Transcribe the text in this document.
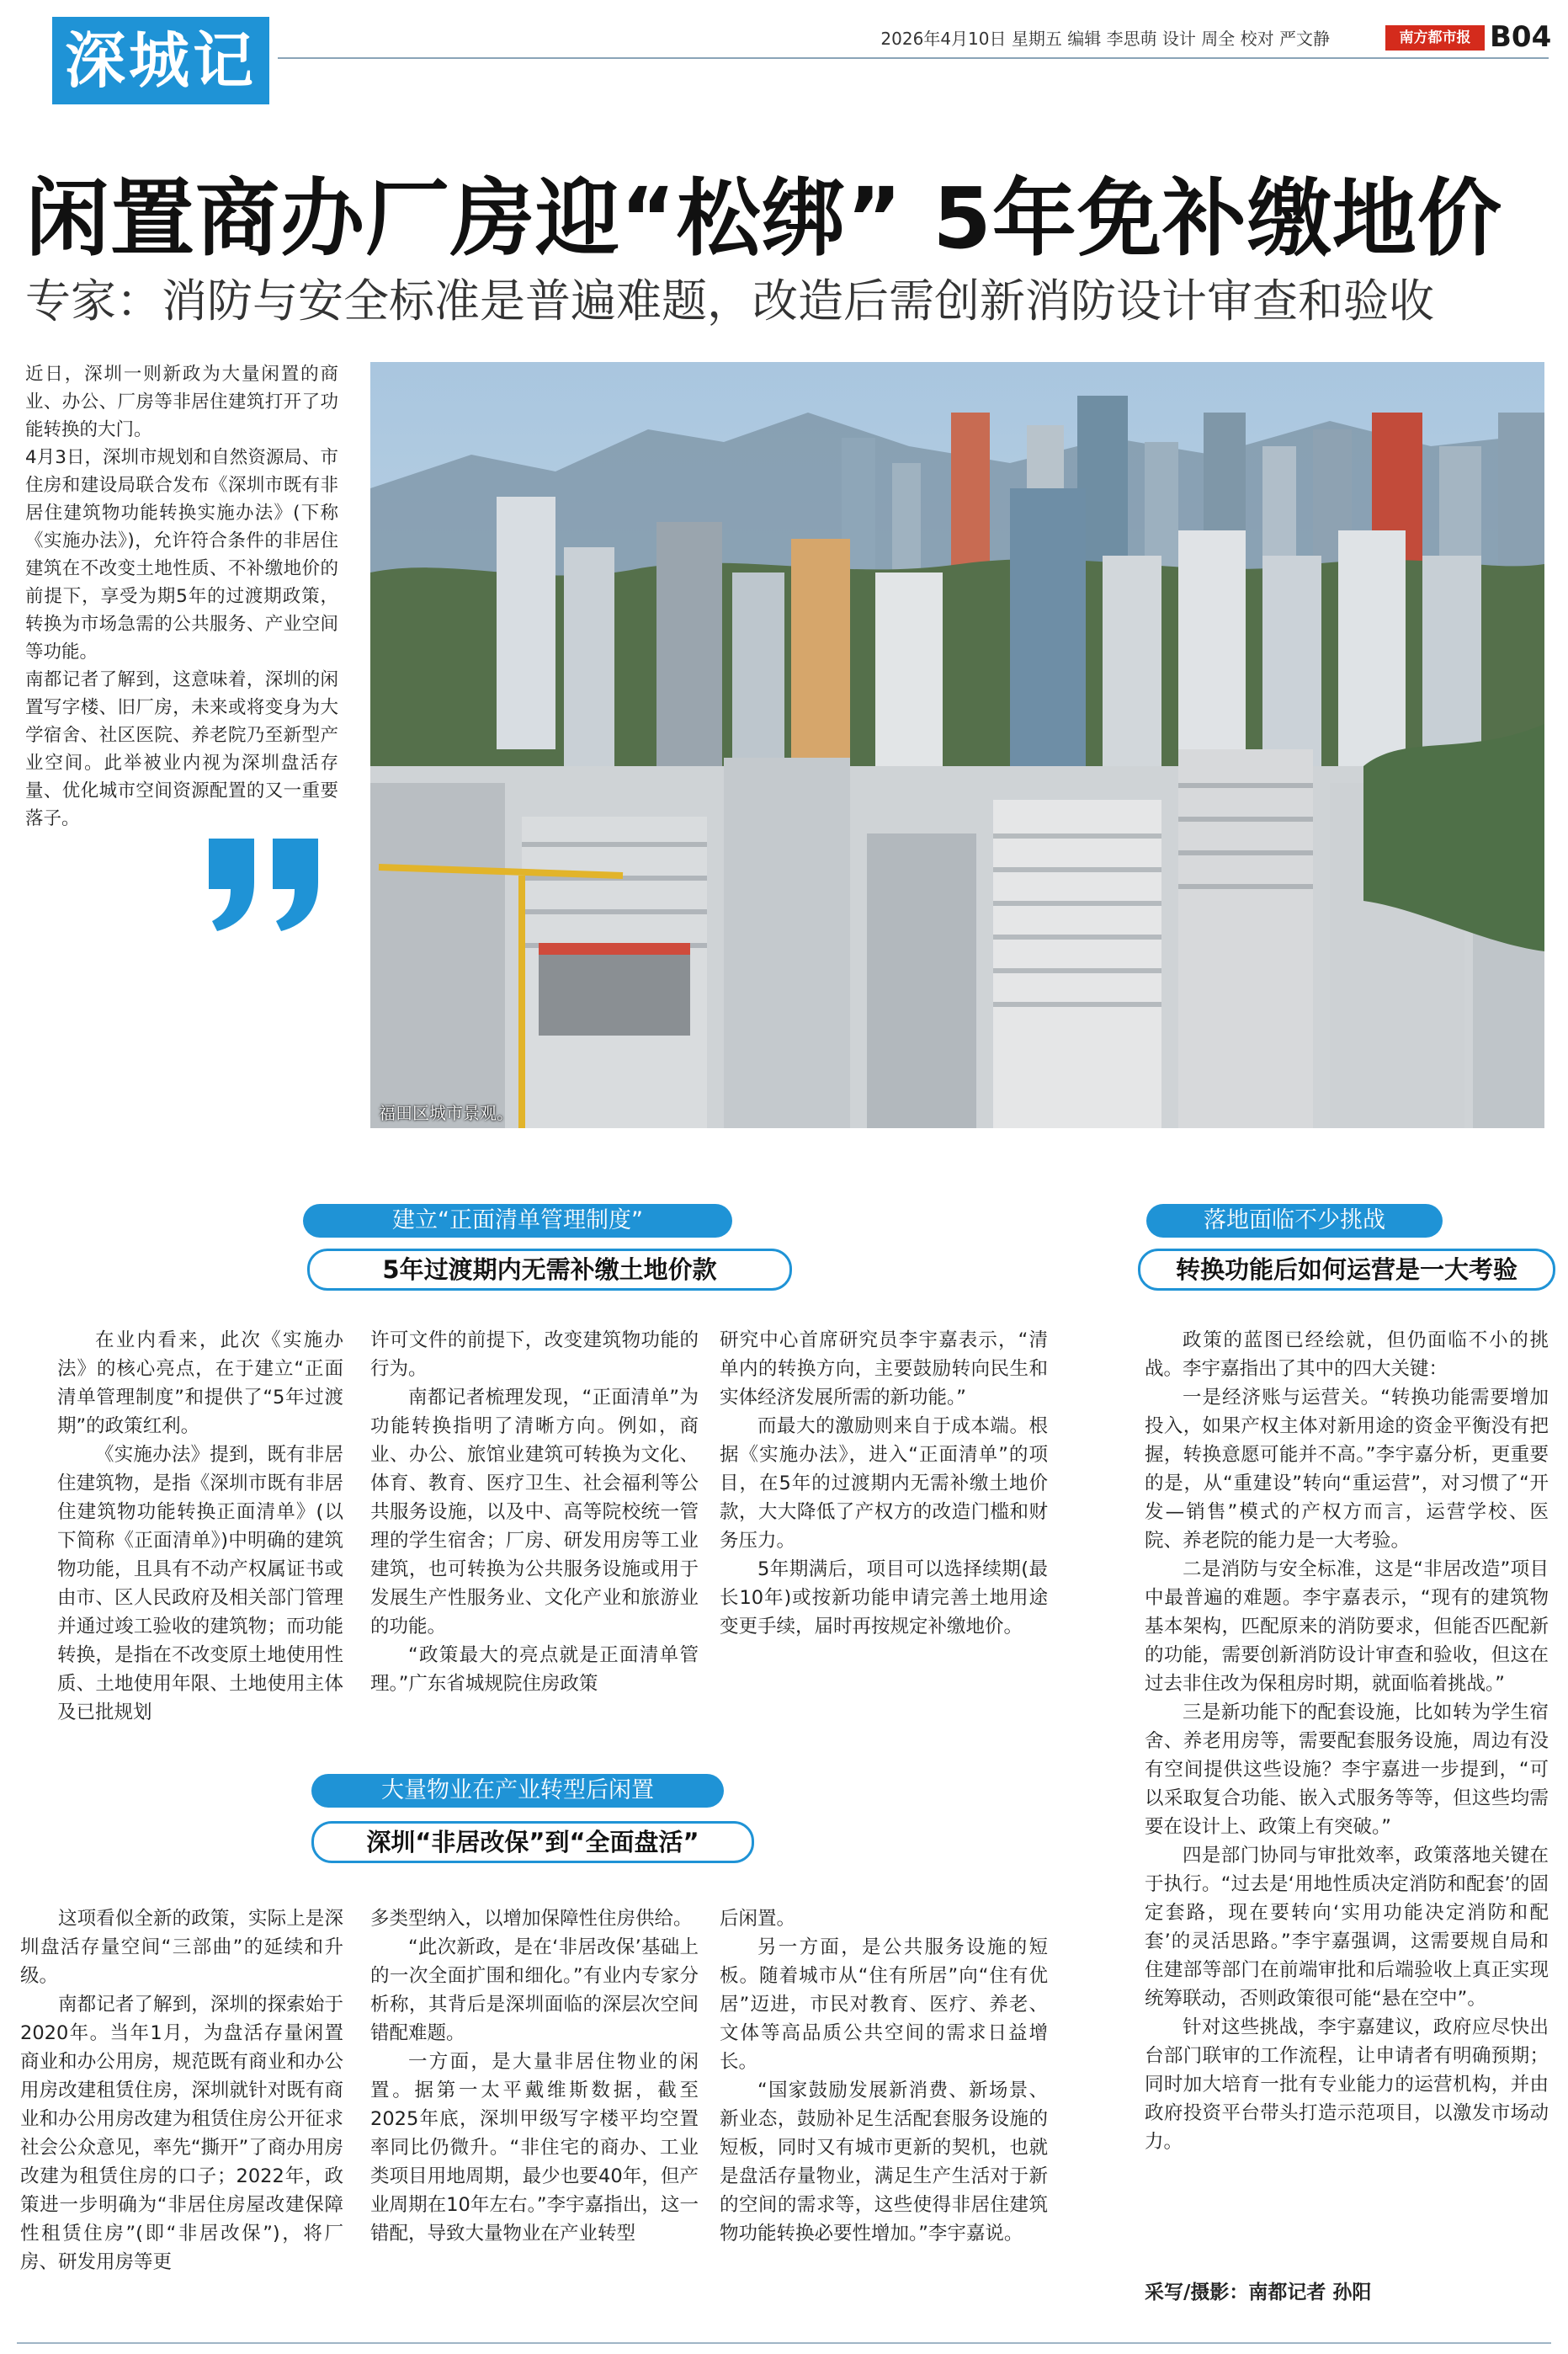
深城记	2026年4月10日 星期五 编辑 李思萌 设计 周全 校对 严文静	南方都市报 B04
闲置商办厂房迎“松绑” 5年免补缴地价
专家：消防与安全标准是普遍难题，改造后需创新消防设计审查和验收

近日，深圳一则新政为大量闲置的商业、办公、厂房等非居住建筑打开了功能转换的大门。

4月3日，深圳市规划和自然资源局、市住房和建设局联合发布《深圳市既有非居住建筑物功能转换实施办法》(下称《实施办法》)，允许符合条件的非居住建筑在不改变土地性质、不补缴地价的前提下，享受为期5年的过渡期政策，转换为市场急需的公共服务、产业空间等功能。

南都记者了解到，这意味着，深圳的闲置写字楼、旧厂房，未来或将变身为大学宿舍、社区医院、养老院乃至新型产业空间。此举被业内视为深圳盘活存量、优化城市空间资源配置的又一重要落子。

福田区城市景观。
建立“正面清单管理制度”
5年过渡期内无需补缴土地价款

在业内看来，此次《实施办法》的核心亮点，在于建立“正面清单管理制度”和提供了“5年过渡期”的政策红利。

《实施办法》提到，既有非居住建筑物，是指《深圳市既有非居住建筑物功能转换正面清单》(以下简称《正面清单》)中明确的建筑物功能，且具有不动产权属证书或由市、区人民政府及相关部门管理并通过竣工验收的建筑物；而功能转换，是指在不改变原土地使用性质、土地使用年限、土地使用主体及已批规划

许可文件的前提下，改变建筑物功能的行为。

南都记者梳理发现，“正面清单”为功能转换指明了清晰方向。例如，商业、办公、旅馆业建筑可转换为文化、体育、教育、医疗卫生、社会福利等公共服务设施，以及中、高等院校统一管理的学生宿舍；厂房、研发用房等工业建筑，也可转换为公共服务设施或用于发展生产性服务业、文化产业和旅游业的功能。

“政策最大的亮点就是正面清单管理。”广东省城规院住房政策

研究中心首席研究员李宇嘉表示，“清单内的转换方向，主要鼓励转向民生和实体经济发展所需的新功能。”

而最大的激励则来自于成本端。根据《实施办法》，进入“正面清单”的项目，在5年的过渡期内无需补缴土地价款，大大降低了产权方的改造门槛和财务压力。

5年期满后，项目可以选择续期(最长10年)或按新功能申请完善土地用途变更手续，届时再按规定补缴地价。

大量物业在产业转型后闲置
深圳“非居改保”到“全面盘活”

这项看似全新的政策，实际上是深圳盘活存量空间“三部曲”的延续和升级。

南都记者了解到，深圳的探索始于2020年。当年1月，为盘活存量闲置商业和办公用房，规范既有商业和办公用房改建租赁住房，深圳就针对既有商业和办公用房改建为租赁住房公开征求社会公众意见，率先“撕开”了商办用房改建为租赁住房的口子；2022年，政策进一步明确为“非居住房屋改建保障性租赁住房”(即“非居改保”)，将厂房、研发用房等更

多类型纳入，以增加保障性住房供给。

“此次新政，是在‘非居改保’基础上的一次全面扩围和细化。”有业内专家分析称，其背后是深圳面临的深层次空间错配难题。

一方面，是大量非居住物业的闲置。据第一太平戴维斯数据，截至2025年底，深圳甲级写字楼平均空置率同比仍微升。“非住宅的商办、工业类项目用地周期，最少也要40年，但产业周期在10年左右。”李宇嘉指出，这一错配，导致大量物业在产业转型

后闲置。

另一方面，是公共服务设施的短板。随着城市从“住有所居”向“住有优居”迈进，市民对教育、医疗、养老、文体等高品质公共空间的需求日益增长。

“国家鼓励发展新消费、新场景、新业态，鼓励补足生活配套服务设施的短板，同时又有城市更新的契机，也就是盘活存量物业，满足生产生活对于新的空间的需求等，这些使得非居住建筑物功能转换必要性增加。”李宇嘉说。

落地面临不少挑战
转换功能后如何运营是一大考验

政策的蓝图已经绘就，但仍面临不小的挑战。李宇嘉指出了其中的四大关键：

一是经济账与运营关。“转换功能需要增加投入，如果产权主体对新用途的资金平衡没有把握，转换意愿可能并不高。”李宇嘉分析，更重要的是，从“重建设”转向“重运营”，对习惯了“开发—销售”模式的产权方而言，运营学校、医院、养老院的能力是一大考验。

二是消防与安全标准，这是“非居改造”项目中最普遍的难题。李宇嘉表示，“现有的建筑物基本架构，匹配原来的消防要求，但能否匹配新的功能，需要创新消防设计审查和验收，但这在过去非住改为保租房时期，就面临着挑战。”

三是新功能下的配套设施，比如转为学生宿舍、养老用房等，需要配套服务设施，周边有没有空间提供这些设施？李宇嘉进一步提到，“可以采取复合功能、嵌入式服务等等，但这些均需要在设计上、政策上有突破。”

四是部门协同与审批效率，政策落地关键在于执行。“过去是‘用地性质决定消防和配套’的固定套路，现在要转向‘实用功能决定消防和配套’的灵活思路。”李宇嘉强调，这需要规自局和住建部等部门在前端审批和后端验收上真正实现统筹联动，否则政策很可能“悬在空中”。

针对这些挑战，李宇嘉建议，政府应尽快出台部门联审的工作流程，让申请者有明确预期；同时加大培育一批有专业能力的运营机构，并由政府投资平台带头打造示范项目，以激发市场动力。

采写/摄影：南都记者 孙阳
